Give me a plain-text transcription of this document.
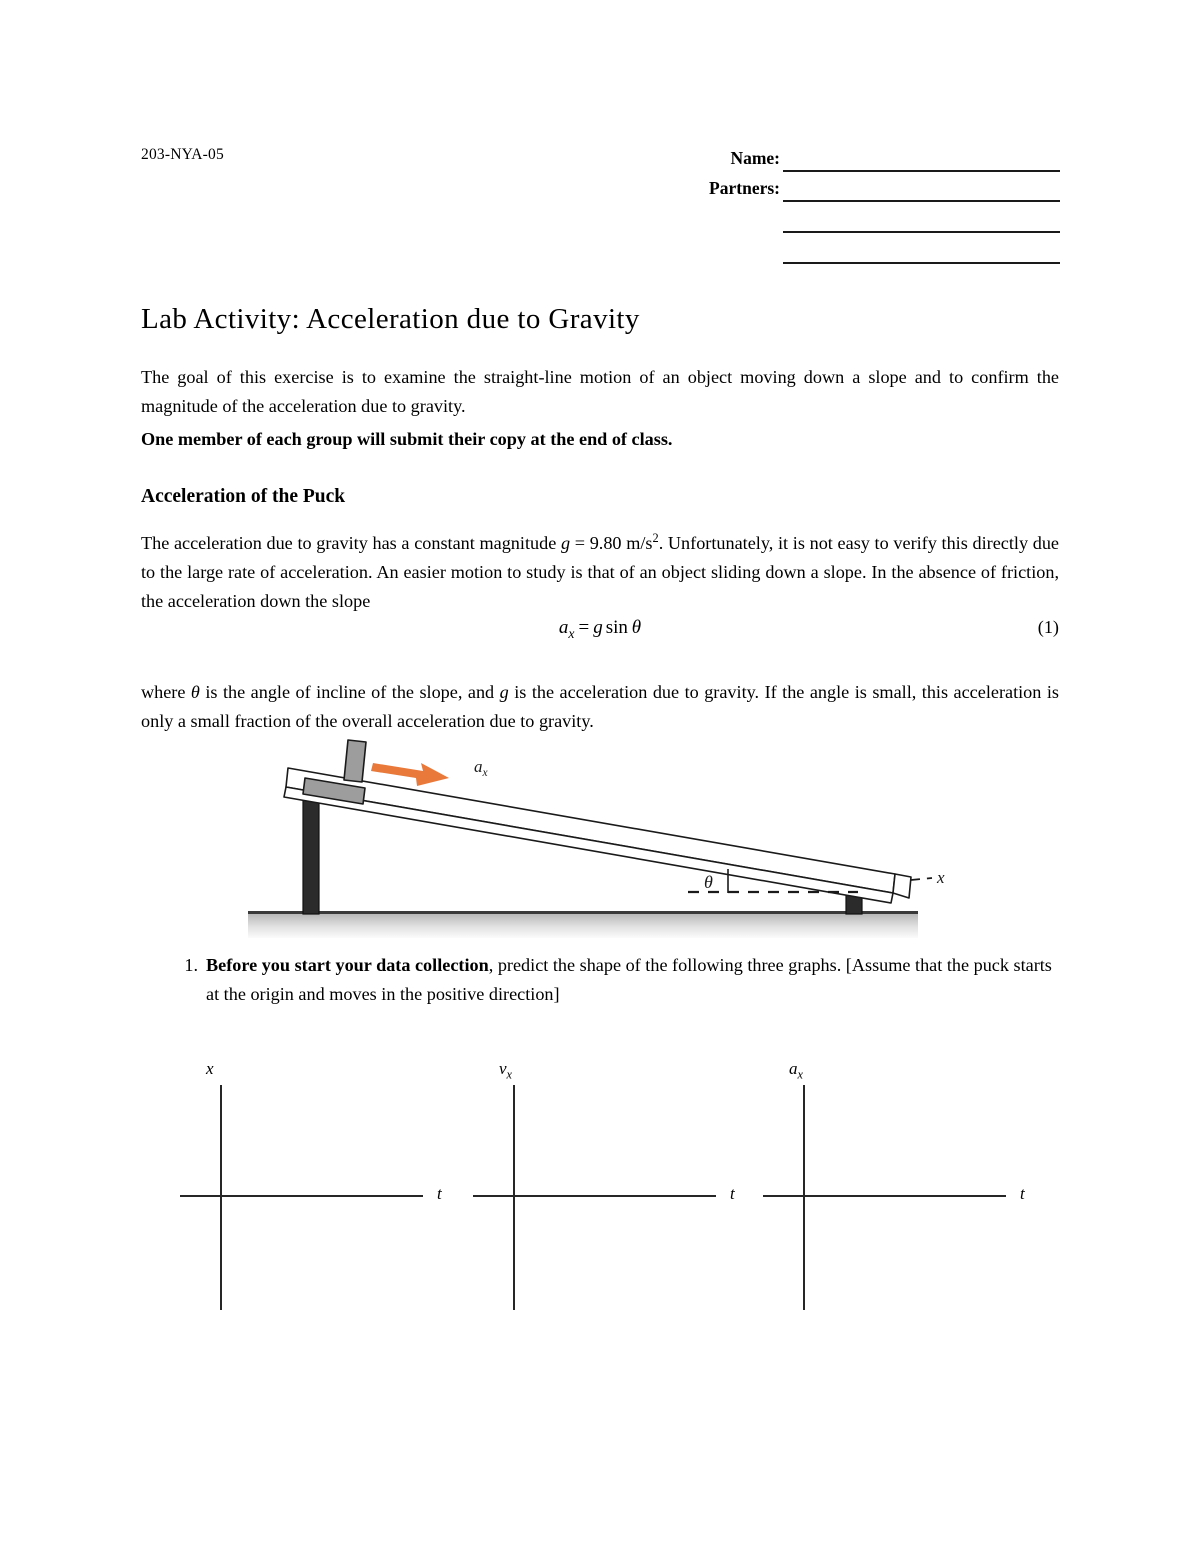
203-NYA-05	Name:
Partners:
Lab Activity: Acceleration due to Gravity
The goal of this exercise is to examine the straight-line motion of an object moving down a slope and to confirm the magnitude of the acceleration due to gravity.
One member of each group will submit their copy at the end of class.
Acceleration of the Puck
The acceleration due to gravity has a constant magnitude g = 9.80 $m/s^2$. Unfortunately, it is not easy to verify this directly due to the large rate of acceleration. An easier motion to study is that of an object sliding down a slope. In the absence of friction, the acceleration down the slope
$a_x = g$ sin  θ	(1)
where θ is the angle of incline of the slope, and g is the acceleration due to gravity. If the angle is small, this acceleration is only a small fraction of the overall acceleration due to gravity.
$a_x$
θ	x
1. Before you start your data collection, predict the shape of the following three graphs. [Assume that the puck starts at the origin and moves in the positive direction]
x
t
$v_x$
t
$a_x$
t
